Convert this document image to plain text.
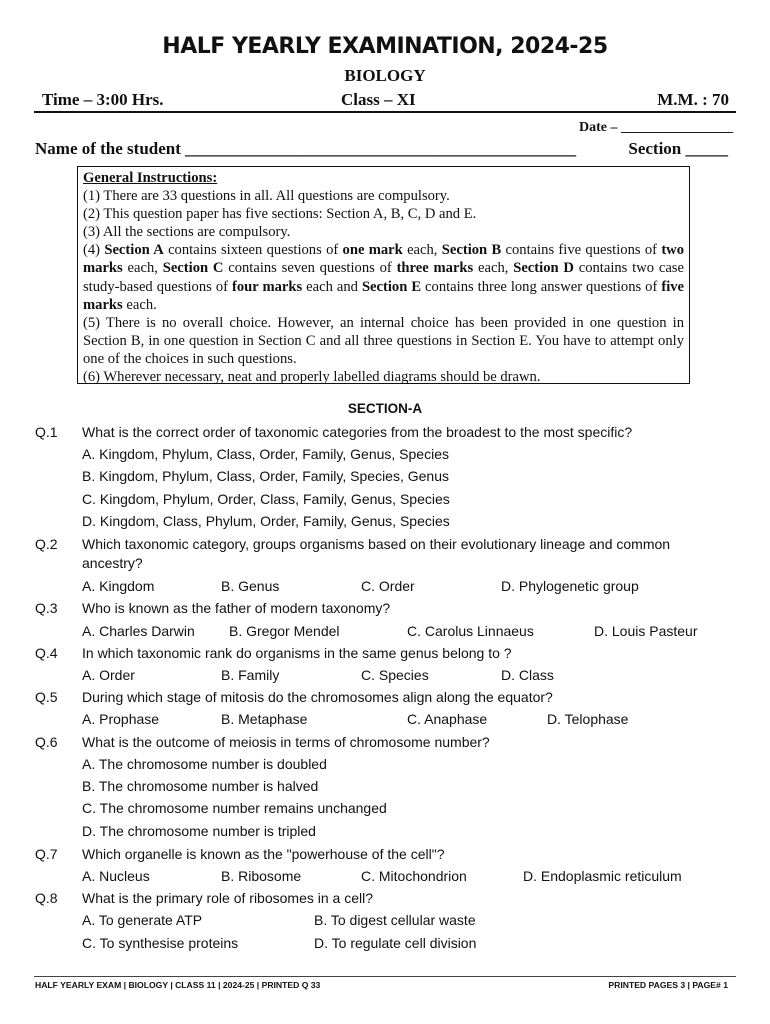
HALF YEARLY EXAMINATION, 2024-25
BIOLOGY
Time – 3:00 Hrs.	Class – XI	M.M. : 70
Date – ________________
Name of the student ______________________________________________	Section _____

General Instructions:

(1) There are 33 questions in all. All questions are compulsory.

(2) This question paper has five sections: Section A, B, C, D and E.

(3) All the sections are compulsory.

(4) Section A contains sixteen questions of one mark each, Section B contains five questions of two marks each, Section C contains seven questions of three marks each, Section D contains two case study-based questions of four marks each and Section E contains three long answer questions of five marks each.

(5) There is no overall choice. However, an internal choice has been provided in one question in Section B, in one question in Section C and all three questions in Section E. You have to attempt only one of the choices in such questions.

(6) Wherever necessary, neat and properly labelled diagrams should be drawn.

SECTION-A
Q.1 What is the correct order of taxonomic categories from the broadest to the most specific?
A. Kingdom, Phylum, Class, Order, Family, Genus, Species
B. Kingdom, Phylum, Class, Order, Family, Species, Genus
C. Kingdom, Phylum, Order, Class, Family, Genus, Species
D. Kingdom, Class, Phylum, Order, Family, Genus, Species
Q.2 Which taxonomic category, groups organisms based on their evolutionary lineage and common
ancestry?
A. Kingdom	B. Genus	C. Order	D. Phylogenetic group
Q.3 Who is known as the father of modern taxonomy?
A. Charles Darwin B. Gregor Mendel	C. Carolus Linnaeus	D. Louis Pasteur
Q.4 In which taxonomic rank do organisms in the same genus belong to ?
A. Order	B. Family	C. Species	D. Class
Q.5 During which stage of mitosis do the chromosomes align along the equator?
A. Prophase	B. Metaphase	C. Anaphase	D. Telophase
Q.6 What is the outcome of meiosis in terms of chromosome number?
A. The chromosome number is doubled
B. The chromosome number is halved
C. The chromosome number remains unchanged
D. The chromosome number is tripled
Q.7 Which organelle is known as the "powerhouse of the cell"?
A. Nucleus	B. Ribosome	C. Mitochondrion	D. Endoplasmic reticulum
Q.8 What is the primary role of ribosomes in a cell?
A. To generate ATP	B. To digest cellular waste
C. To synthesise proteins	D. To regulate cell division
HALF YEARLY EXAM | BIOLOGY | CLASS 11 | 2024-25 | PRINTED Q 33	PRINTED PAGES 3 | PAGE# 1
